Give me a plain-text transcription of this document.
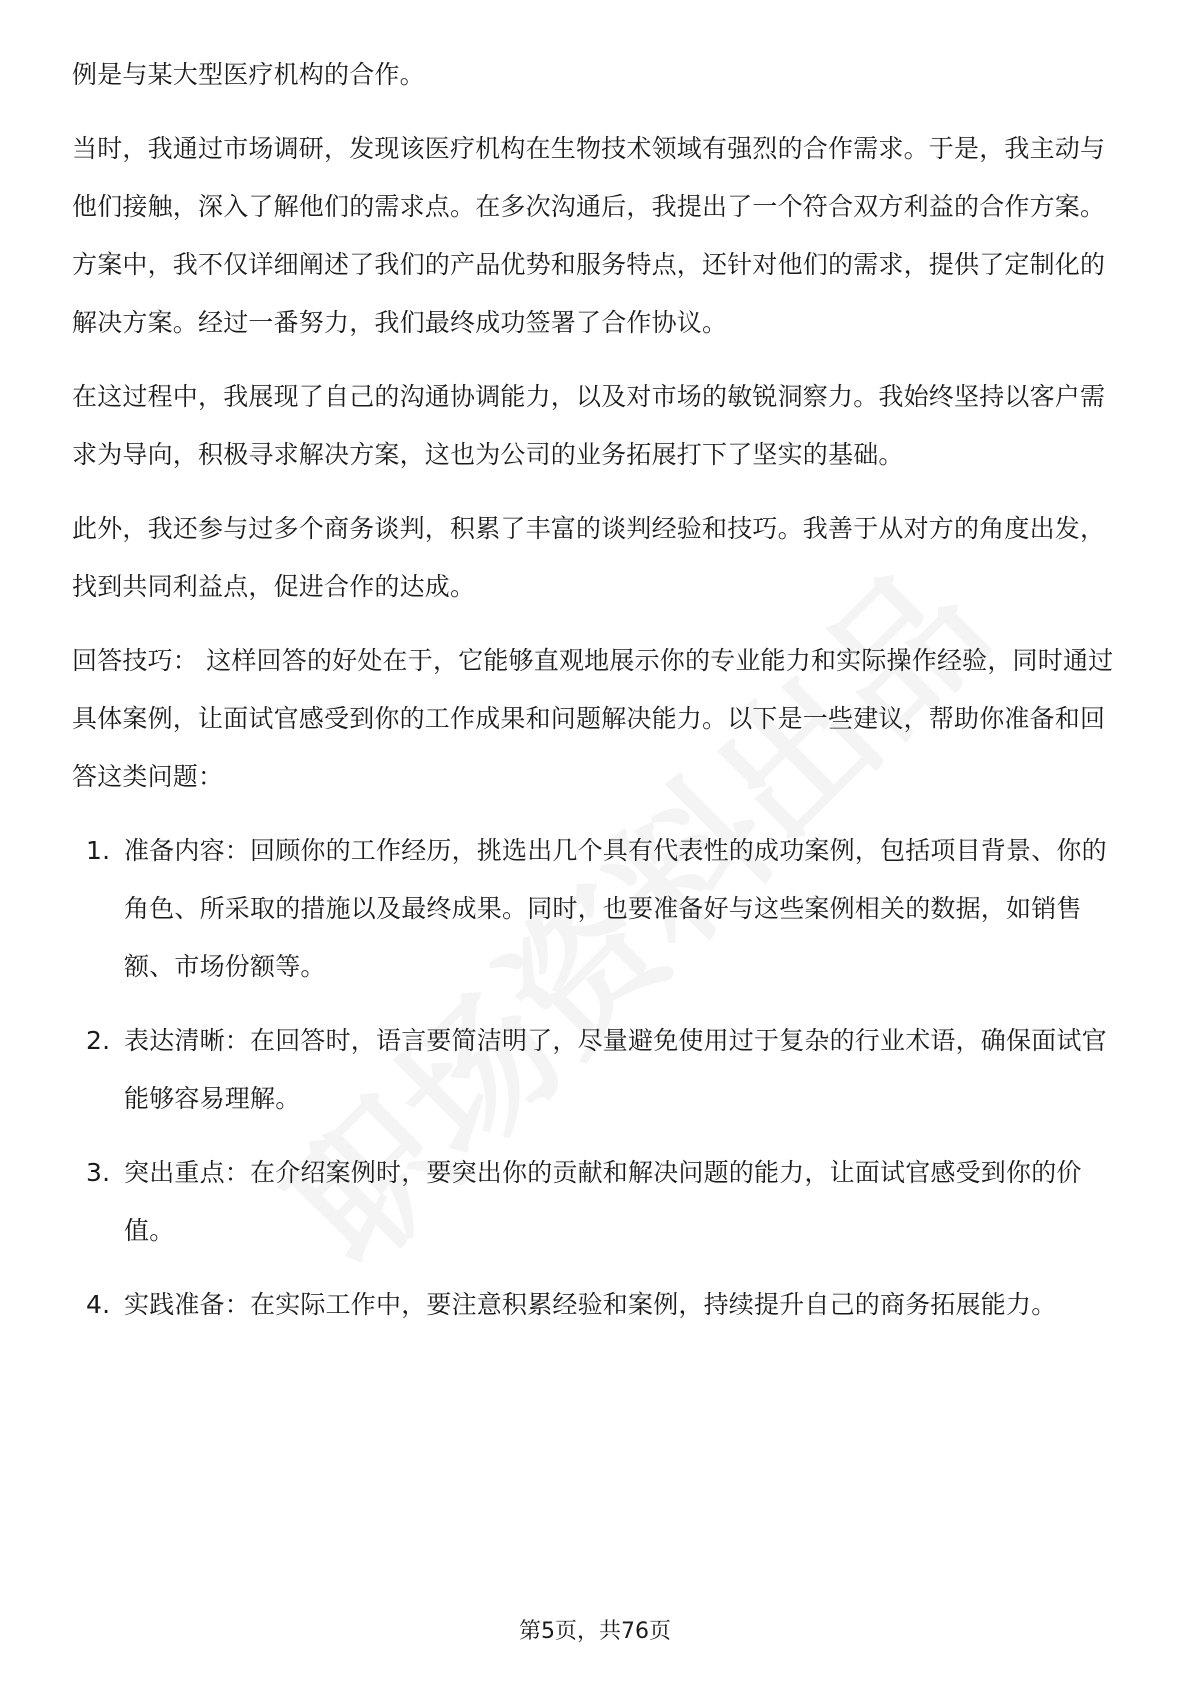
例是与某大型医疗机构的合作。

当时，我通过市场调研，发现该医疗机构在生物技术领域有强烈的合作需求。于是，我主动与他们接触，深入了解他们的需求点。在多次沟通后，我提出了一个符合双方利益的合作方案。方案中，我不仅详细阐述了我们的产品优势和服务特点，还针对他们的需求，提供了定制化的解决方案。经过一番努力，我们最终成功签署了合作协议。

在这过程中，我展现了自己的沟通协调能力，以及对市场的敏锐洞察力。我始终坚持以客户需求为导向，积极寻求解决方案，这也为公司的业务拓展打下了坚实的基础。

此外，我还参与过多个商务谈判，积累了丰富的谈判经验和技巧。我善于从对方的角度出发，找到共同利益点，促进合作的达成。

回答技巧： 这样回答的好处在于，它能够直观地展示你的专业能力和实际操作经验，同时通过具体案例，让面试官感受到你的工作成果和问题解决能力。以下是一些建议，帮助你准备和回答这类问题：

1. 准备内容：回顾你的工作经历，挑选出几个具有代表性的成功案例，包括项目背景、你的角色、所采取的措施以及最终成果。同时，也要准备好与这些案例相关的数据，如销售额、市场份额等。
2. 表达清晰：在回答时，语言要简洁明了，尽量避免使用过于复杂的行业术语，确保面试官能够容易理解。
3. 突出重点：在介绍案例时，要突出你的贡献和解决问题的能力，让面试官感受到你的价值。
4. 实践准备：在实际工作中，要注意积累经验和案例，持续提升自己的商务拓展能力。
第5页，共76页
